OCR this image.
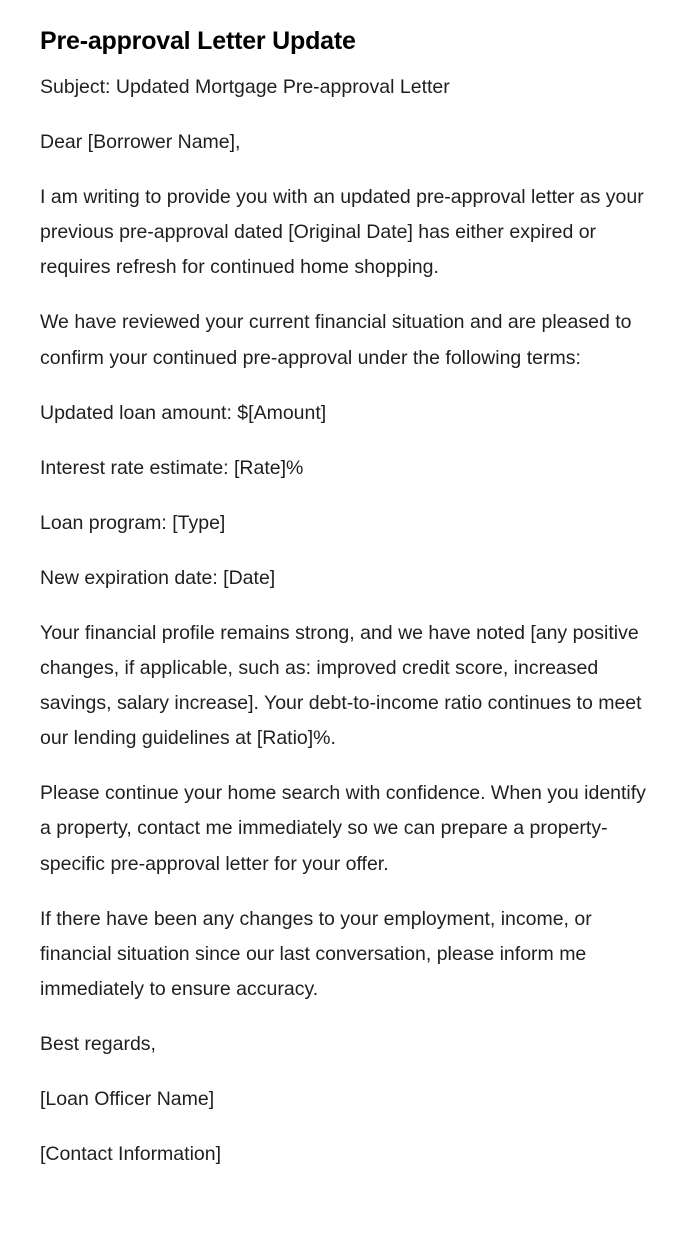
Pre-approval Letter Update

Subject: Updated Mortgage Pre-approval Letter

Dear [Borrower Name],

I am writing to provide you with an updated pre-approval letter as your previous pre-approval dated [Original Date] has either expired or requires refresh for continued home shopping.

We have reviewed your current financial situation and are pleased to confirm your continued pre-approval under the following terms:

Updated loan amount: $[Amount]

Interest rate estimate: [Rate]%

Loan program: [Type]

New expiration date: [Date]

Your financial profile remains strong, and we have noted [any positive changes, if applicable, such as: improved credit score, increased savings, salary increase]. Your debt-to-income ratio continues to meet our lending guidelines at [Ratio]%.

Please continue your home search with confidence. When you identify a property, contact me immediately so we can prepare a property-specific pre-approval letter for your offer.

If there have been any changes to your employment, income, or financial situation since our last conversation, please inform me immediately to ensure accuracy.

Best regards,

[Loan Officer Name]

[Contact Information]
